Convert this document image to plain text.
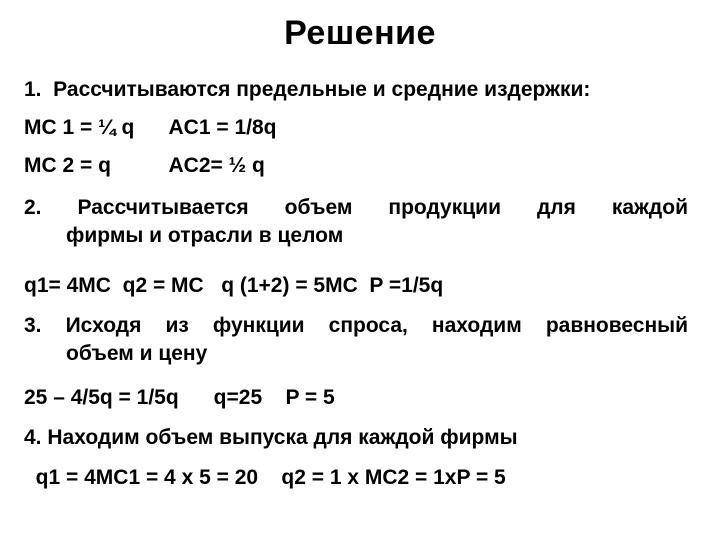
Решение
1.  Рассчитываются предельные и средние издержки:
MC 1 = ¼ q      AC1 = 1/8q
MC 2 = q          AC2= ½ q
2. Рассчитывается объем продукции для каждой
фирмы и отрасли в целом
q1= 4MC  q2 = MC   q (1+2) = 5MC  P =1/5q
3. Исходя из функции спроса, находим равновесный
объем и цену
25 – 4/5q = 1/5q      q=25    P = 5
4. Находим объем выпуска для каждой фирмы
q1 = 4MC1 = 4 x 5 = 20    q2 = 1 x MC2 = 1xP = 5
